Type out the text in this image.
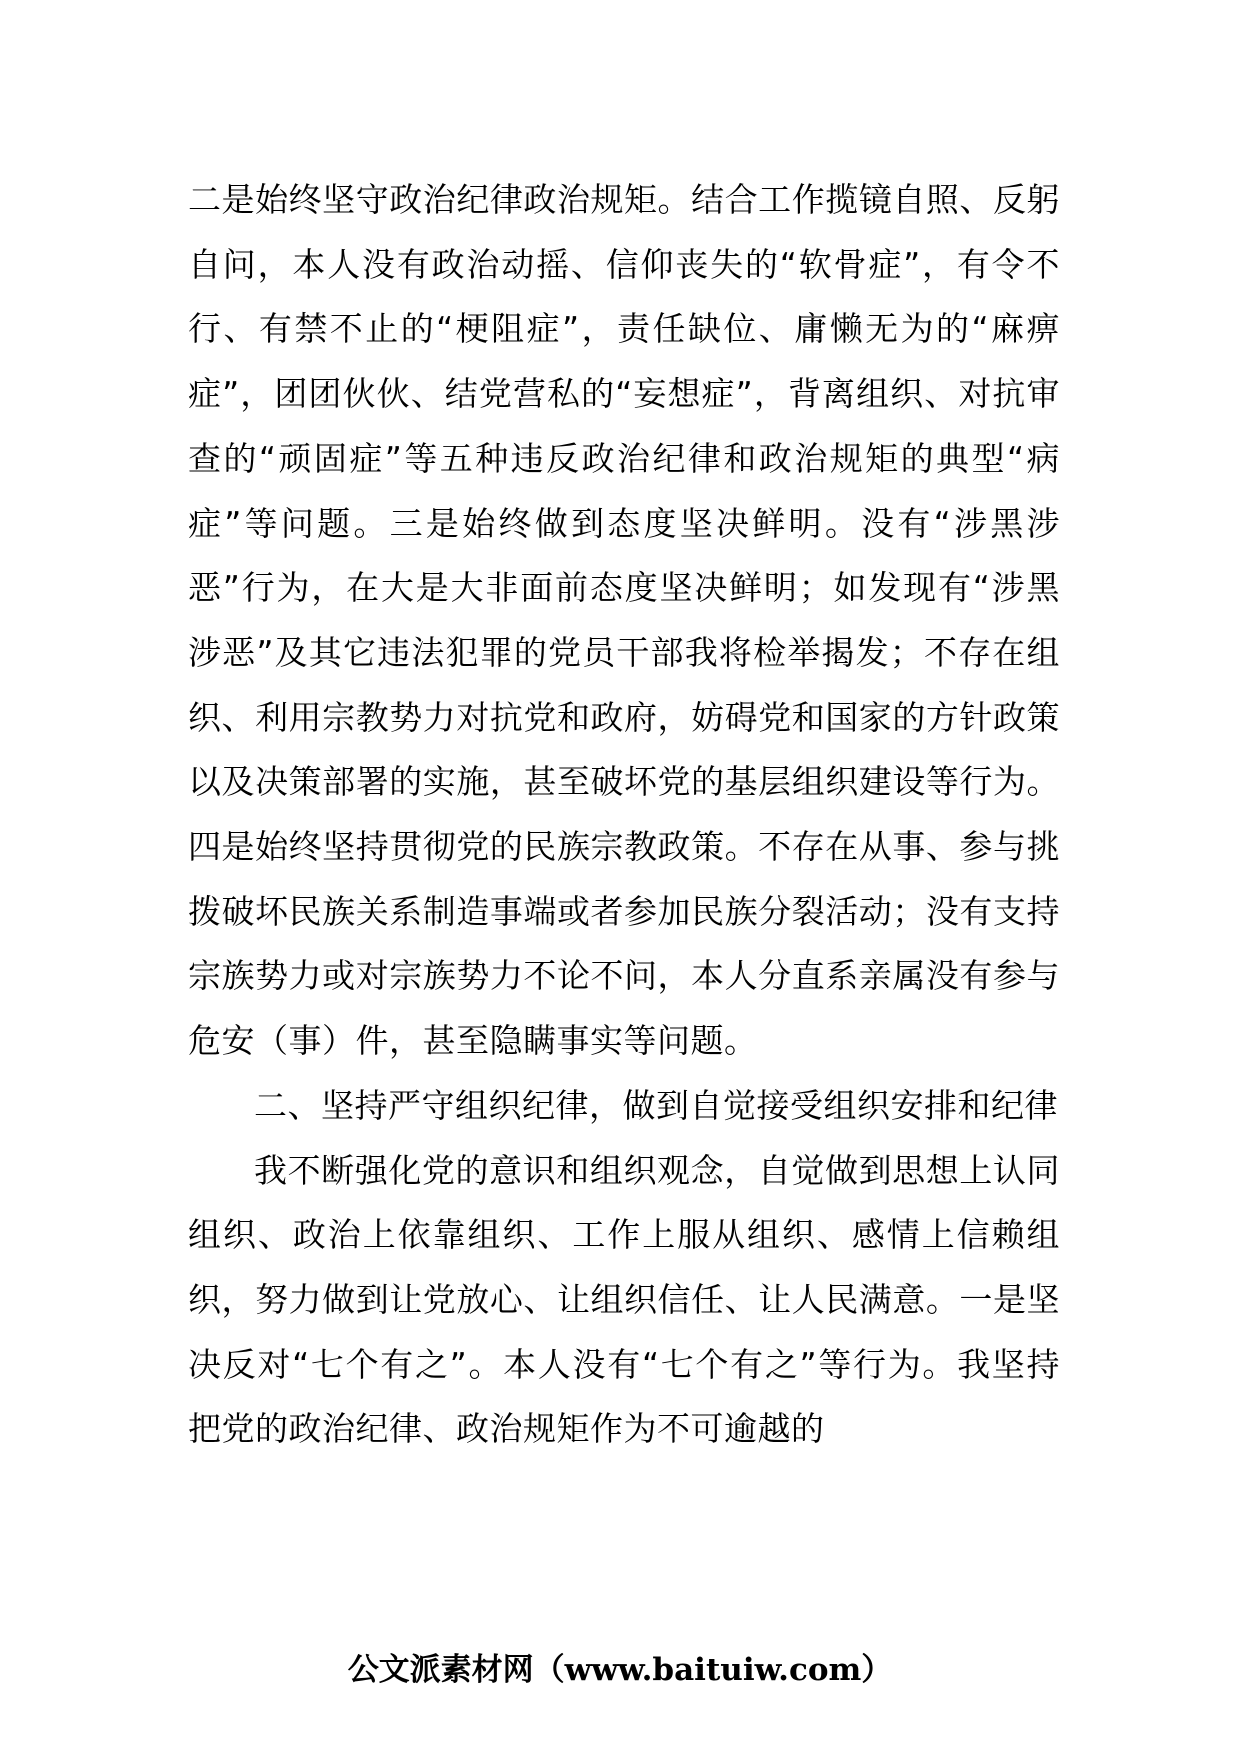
二是始终坚守政治纪律政治规矩。结合工作揽镜自照、反躬自问，本人没有政治动摇、信仰丧失的“软骨症”，有令不行、有禁不止的“梗阻症”，责任缺位、庸懒无为的“麻痹症”，团团伙伙、结党营私的“妄想症”，背离组织、对抗审查的“顽固症”等五种违反政治纪律和政治规矩的典型“病症”等问题。三是始终做到态度坚决鲜明。没有“涉黑涉恶”行为，在大是大非面前态度坚决鲜明；如发现有“涉黑涉恶”及其它违法犯罪的党员干部我将检举揭发；不存在组织、利用宗教势力对抗党和政府，妨碍党和国家的方针政策以及决策部署的实施，甚至破坏党的基层组织建设等行为。四是始终坚持贯彻党的民族宗教政策。不存在从事、参与挑拨破坏民族关系制造事端或者参加民族分裂活动；没有支持宗族势力或对宗族势力不论不问，本人分直系亲属没有参与危安（事）件，甚至隐瞒事实等问题。

二、坚持严守组织纪律，做到自觉接受组织安排和纪律

我不断强化党的意识和组织观念，自觉做到思想上认同组织、政治上依靠组织、工作上服从组织、感情上信赖组织，努力做到让党放心、让组织信任、让人民满意。一是坚决反对“七个有之”。本人没有“七个有之”等行为。我坚持把党的政治纪律、政治规矩作为不可逾越的

公文派素材网（www.baituiw.com）
